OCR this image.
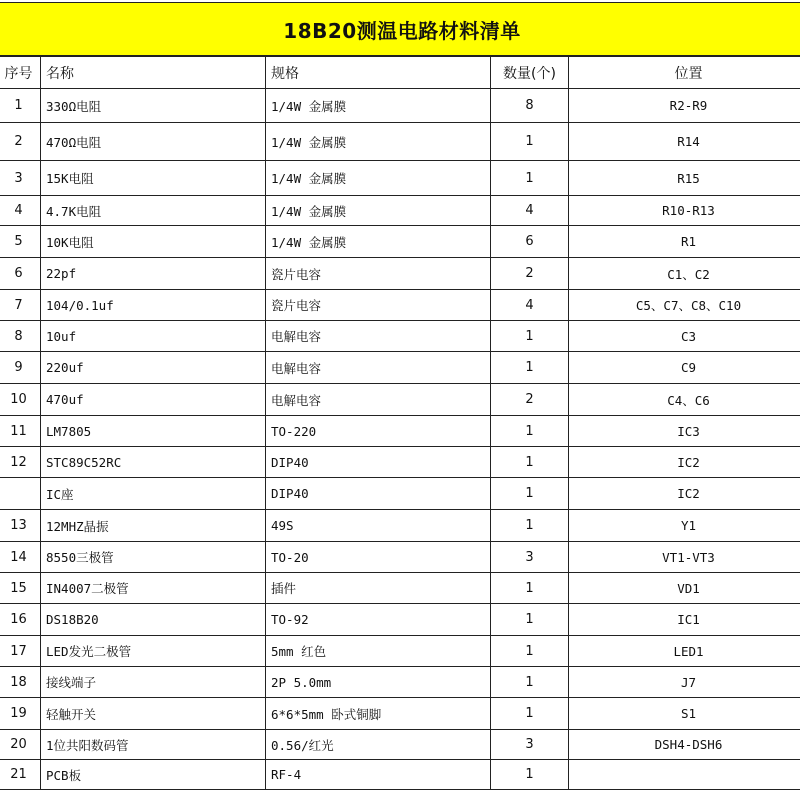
18B20测温电路材料清单
序号	名称	规格	数量(个)	位置
1	330Ω电阻	1/4W 金属膜	8	R2-R9
2	470Ω电阻	1/4W 金属膜	1	R14
3	15K电阻	1/4W 金属膜	1	R15
4	4.7K电阻	1/4W 金属膜	4	R10-R13
5	10K电阻	1/4W 金属膜	6	R1
6	22pf	瓷片电容	2	C1、C2
7	104/0.1uf	瓷片电容	4	C5、C7、C8、C10
8	10uf	电解电容	1	C3
9	220uf	电解电容	1	C9
10	470uf	电解电容	2	C4、C6
11	LM7805	TO-220	1	IC3
12	STC89C52RC	DIP40	1	IC2
	IC座	DIP40	1	IC2
13	12MHZ晶振	49S	1	Y1
14	8550三极管	TO-20	3	VT1-VT3
15	IN4007二极管	插件	1	VD1
16	DS18B20	TO-92	1	IC1
17	LED发光二极管	5mm 红色	1	LED1
18	接线端子	2P 5.0mm	1	J7
19	轻触开关	6*6*5mm 卧式铜脚	1	S1
20	1位共阳数码管	0.56/红光	3	DSH4-DSH6
21	PCB板	RF-4	1	
